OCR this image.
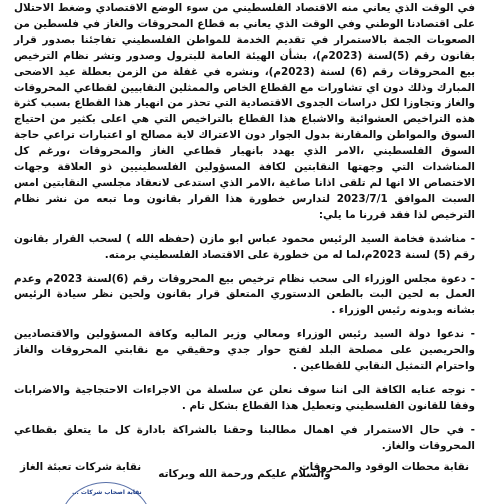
في الوقت الذي يعاني منه الاقتصاد الفلسطيني من سوء الوضع الاقتصادي وضغط الاحتلال على اقتصادنا الوطني وفي الوقت الذي يعاني به قطاع المحروقات والغاز في فلسطين من الصعوبات الجمة بالاستمرار في تقديم الخدمة للمواطن الفلسطيني تفاجئنا بصدور قرار بقانون رقم (5)لسنة (2023م)، بشأن الهيئة العامة للبترول وصدور وتشر نظام الترخيص بيع المحروقات رقم (6) لسنة (2023م)، ونشره في غفلة من الزمن بعطلة عيد الاضحى المبارك وذلك دون اي تشاورات مع القطاع الخاص والممثلين النقابيين لقطاعي المحروقات والغاز وتجاوزا لكل دراسات الجدوى الاقتصادية التي تحذر من انهيار هذا القطاع بسبب كثرة هذه التراخيص العشوائية والاشباع هذا القطاع بالتراخيص التي هي اعلى بكثير من احتياج السوق والمواطن والمقارنة بدول الجوار دون الاعتراك لاية مصالح او اعتبارات تراعي حاجة السوق الفلسطيني ،الامر الذي يهدد بانهيار قطاعي الغاز والمحروقات ،ورغم كل المناشدات التي وجهتها النقابتين لكافة المسؤولين الفلسطينيين ذو العلاقة وجهات الاختصاص الا انها لم تلقى اذانا صاغية ،الامر الذي استدعى لانعقاد مجلسي النقابتين امس السبت الموافق 2023/7/1 لتدارس خطورة هذا القرار بقانون وما تبعه من نشر نظام الترخيص لذا فقد قررنا ما يلي:

- مناشدة فخامة السيد الرئيس محمود عباس ابو مازن (حفظه الله ) لسحب القرار بقانون رقم (5) لسنة 2023م،لما له من خطورة على الاقتصاد الفلسطيني برمته.

- دعوة مجلس الوزراء الى سحب نظام ترخيص بيع المحروقات رقم (6)لسنة 2023م وعدم العمل به لحين البت بالطعن الدستوري المتعلق قرار بقانون ولحين نظر سيادة الرئيس بشانه وبدونه رئيس الوزراء .

- ندعوا دولة السيد رئيس الوزراء ومعالي وزير الماليه وكافة المسؤولين والاقتصاديين والحريصين على مصلحة البلد لفتح حوار جدي وحقيقي مع نقابتي المحروقات والغاز واحترام التمثيل النقابي للقطاعين .

- نوجه عنايه الكافة الى اننا سوف نعلن عن سلسلة من الاجراءات الاحتجاجية والاضرابات وفقا للقانون الفلسطيني وتعطيل هذا القطاع بشكل تام .

- في حال الاستمرار في اهمال مطالبنا وحقنا بالشراكة بادارة كل ما يتعلق بقطاعي المحروقات والغاز.

والسلام عليكم ورحمة الله وبركاته
نقابة محطات الوقود والمحروقات
نقابة شركات تعبئة الغاز
نقابة اصحاب شركات ...
